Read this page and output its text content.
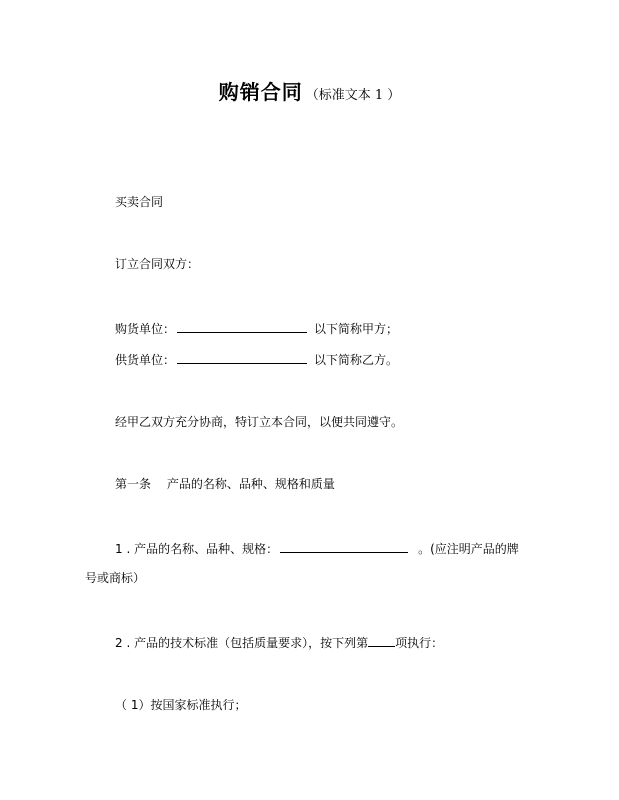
购销合同 （标准文本 1 ）
买卖合同
订立合同双方：
购货单位：	以下简称甲方；
供货单位：	以下简称乙方。
经甲乙双方充分协商，特订立本合同，以便共同遵守。
第一条　 产品的名称、品种、规格和质量
1 . 产品的名称、品种、规格：	。(应注明产品的牌
号或商标）
2 . 产品的技术标准（包括质量要求），按下列第 项执行：
（ 1）按国家标准执行；
